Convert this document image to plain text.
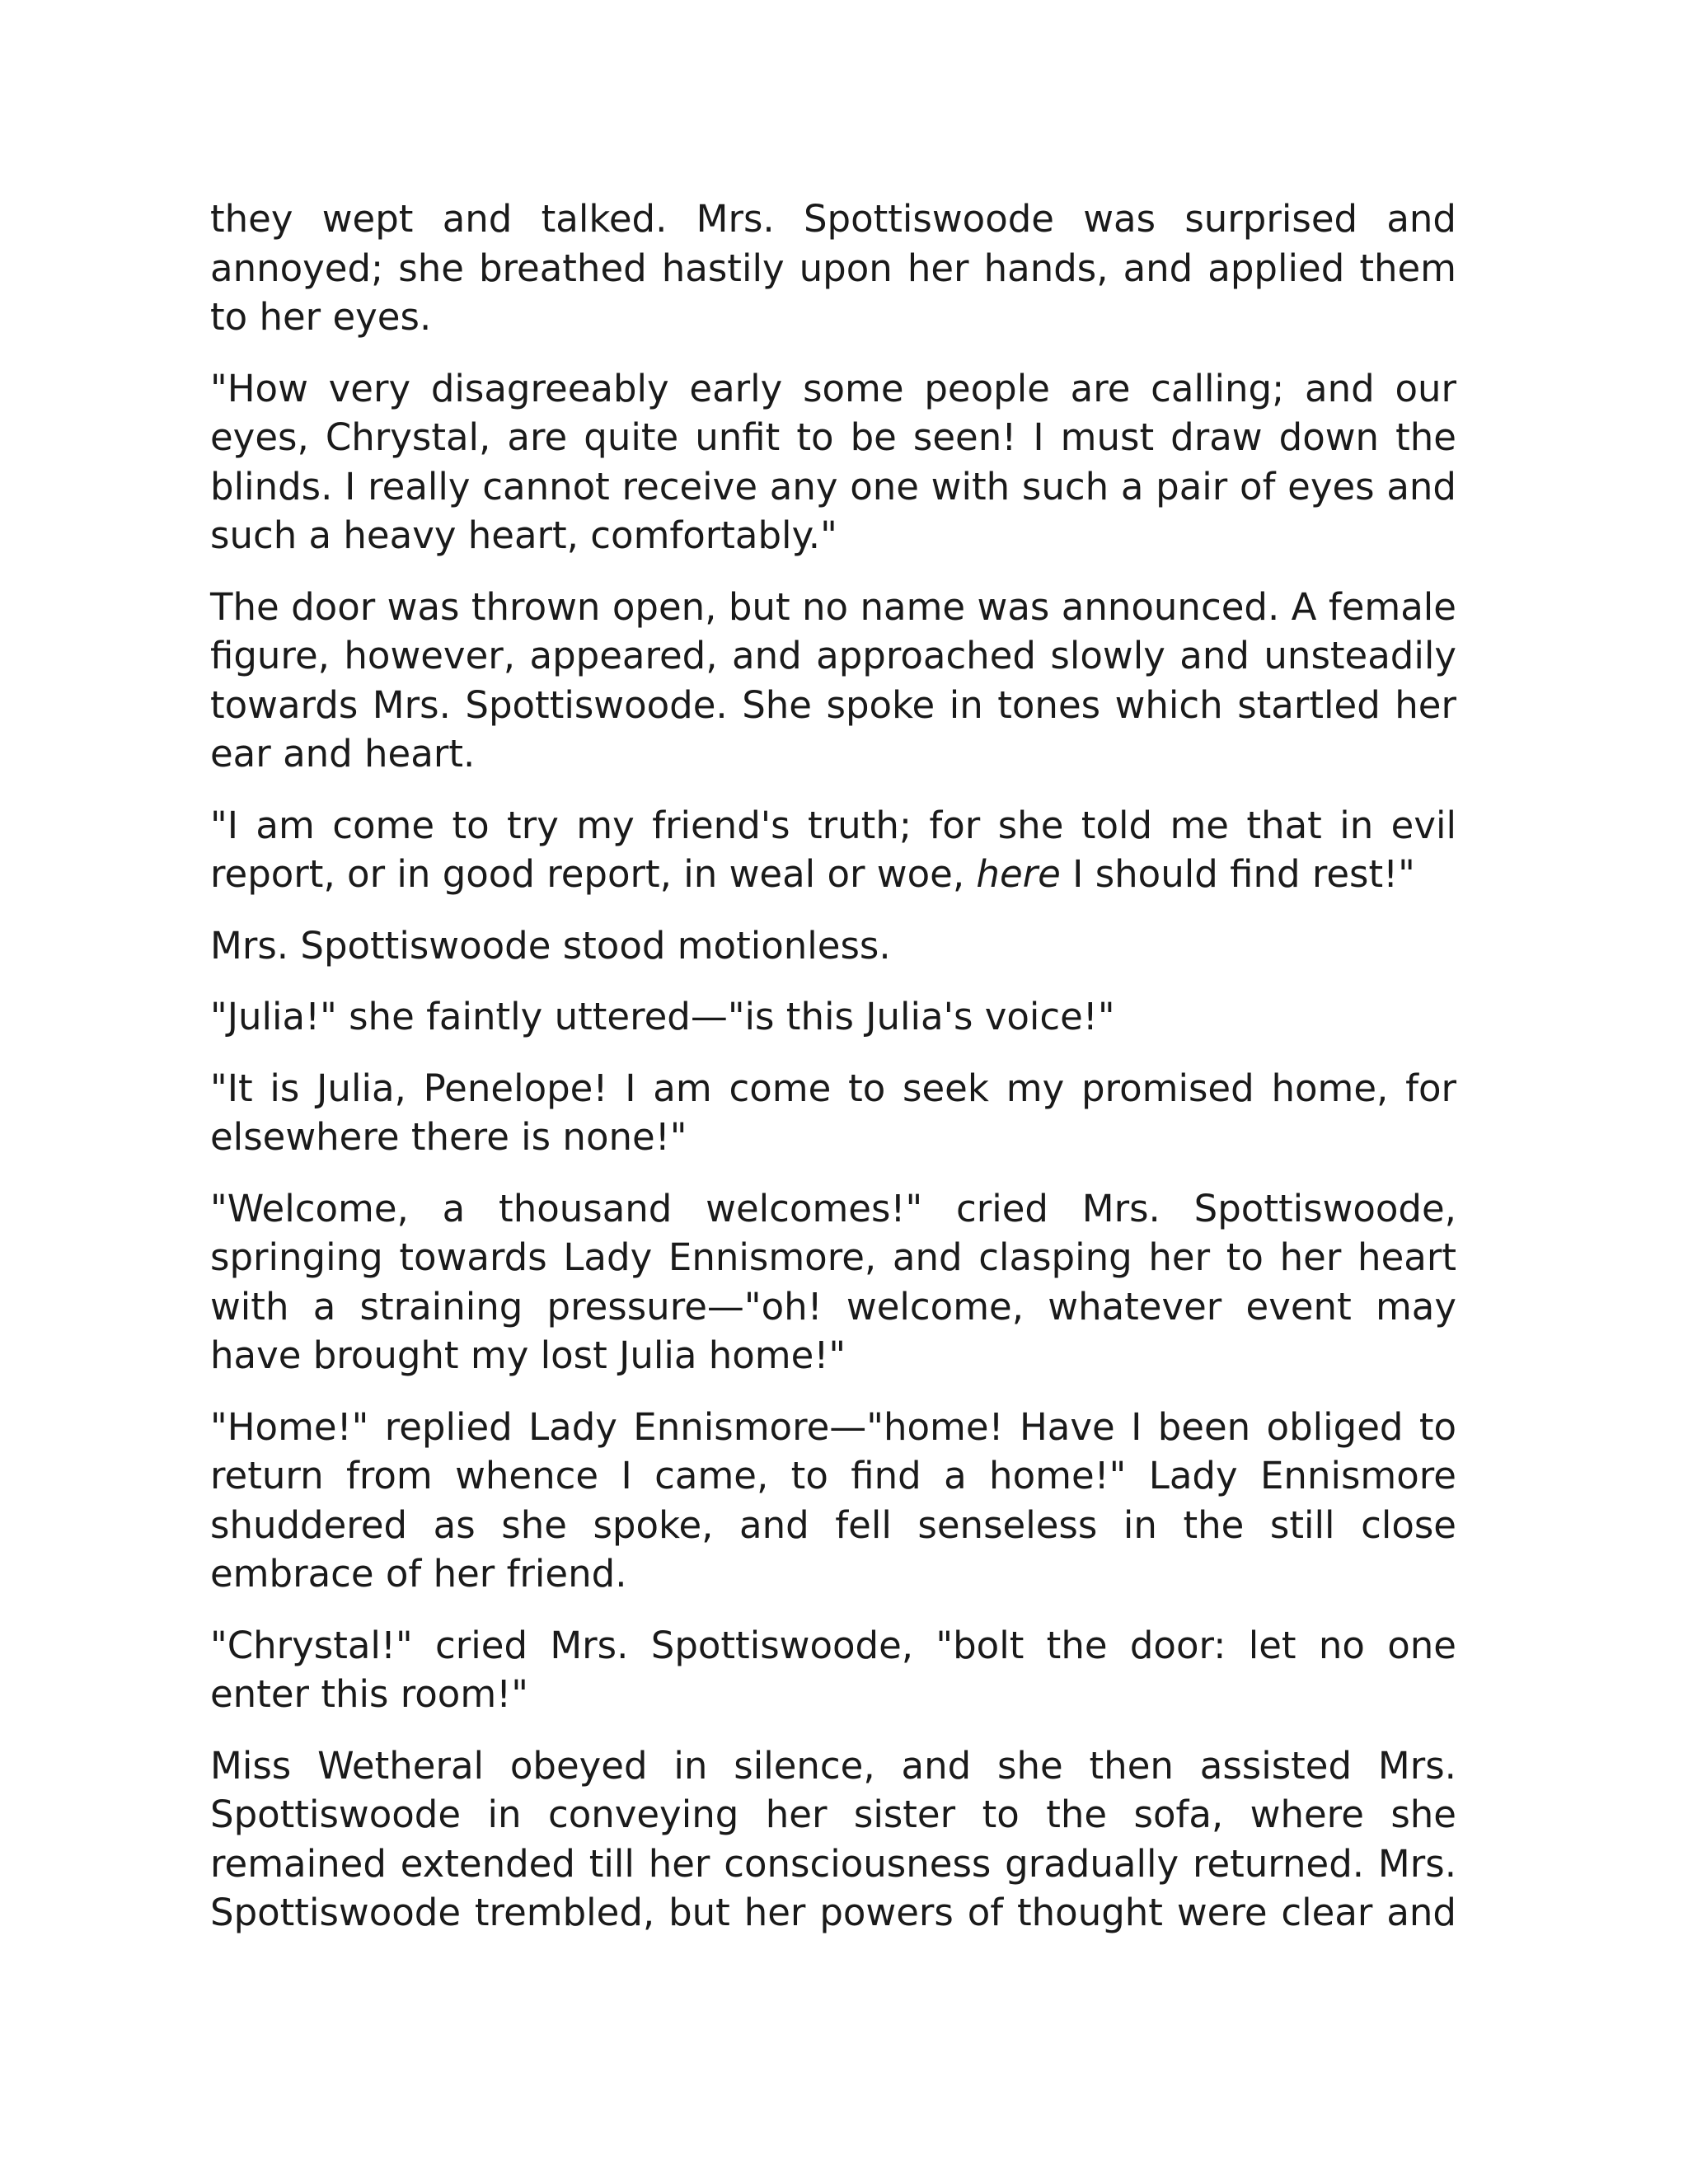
they wept and talked. Mrs. Spottiswoode was surprised and annoyed; she breathed hastily upon her hands, and applied them to her eyes.

"How very disagreeably early some people are calling; and our eyes, Chrystal, are quite unfit to be seen! I must draw down the blinds. I really cannot receive any one with such a pair of eyes and such a heavy heart, comfortably."

The door was thrown open, but no name was announced. A female figure, however, appeared, and approached slowly and unsteadily towards Mrs. Spottiswoode. She spoke in tones which startled her ear and heart.

"I am come to try my friend's truth; for she told me that in evil report, or in good report, in weal or woe, here I should find rest!"

Mrs. Spottiswoode stood motionless.

"Julia!" she faintly uttered—"is this Julia's voice!"

"It is Julia, Penelope! I am come to seek my promised home, for elsewhere there is none!"

"Welcome, a thousand welcomes!" cried Mrs. Spottiswoode, springing towards Lady Ennismore, and clasping her to her heart with a straining pressure—"oh! welcome, whatever event may have brought my lost Julia home!"

"Home!" replied Lady Ennismore—"home! Have I been obliged to return from whence I came, to find a home!" Lady Ennismore shuddered as she spoke, and fell senseless in the still close embrace of her friend.

"Chrystal!" cried Mrs. Spottiswoode, "bolt the door: let no one enter this room!"

Miss Wetheral obeyed in silence, and she then assisted Mrs. Spottiswoode in conveying her sister to the sofa, where she remained extended till her consciousness gradually returned. Mrs. Spottiswoode trembled, but her powers of thought were clear and
